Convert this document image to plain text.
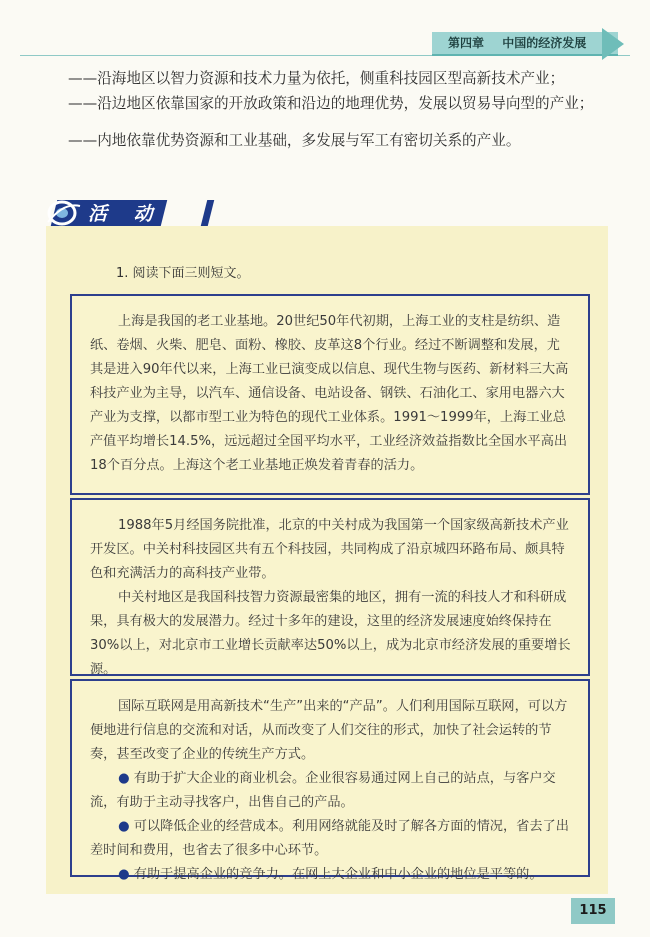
第四章 中国的经济发展

——沿海地区以智力资源和技术力量为依托，侧重科技园区型高新技术产业；

——沿边地区依靠国家的开放政策和沿边的地理优势，发展以贸易导向型的产业；

——内地依靠优势资源和工业基础，多发展与军工有密切关系的产业。

活 动
1. 阅读下面三则短文。

上海是我国的老工业基地。20世纪50年代初期，上海工业的支柱是纺织、造纸、卷烟、火柴、肥皂、面粉、橡胶、皮革这8个行业。经过不断调整和发展，尤其是进入90年代以来，上海工业已演变成以信息、现代生物与医药、新材料三大高科技产业为主导，以汽车、通信设备、电站设备、钢铁、石油化工、家用电器六大产业为支撑，以都市型工业为特色的现代工业体系。1991～1999年，上海工业总产值平均增长14.5%，远远超过全国平均水平，工业经济效益指数比全国水平高出18个百分点。上海这个老工业基地正焕发着青春的活力。

1988年5月经国务院批准，北京的中关村成为我国第一个国家级高新技术产业开发区。中关村科技园区共有五个科技园，共同构成了沿京城四环路布局、颇具特色和充满活力的高科技产业带。

中关村地区是我国科技智力资源最密集的地区，拥有一流的科技人才和科研成果，具有极大的发展潜力。经过十多年的建设，这里的经济发展速度始终保持在30%以上，对北京市工业增长贡献率达50%以上，成为北京市经济发展的重要增长源。

国际互联网是用高新技术“生产”出来的“产品”。人们利用国际互联网，可以方便地进行信息的交流和对话，从而改变了人们交往的形式，加快了社会运转的节奏，甚至改变了企业的传统生产方式。

● 有助于扩大企业的商业机会。企业很容易通过网上自己的站点，与客户交流，有助于主动寻找客户，出售自己的产品。

● 可以降低企业的经营成本。利用网络就能及时了解各方面的情况，省去了出差时间和费用，也省去了很多中心环节。

● 有助于提高企业的竞争力。在网上大企业和中小企业的地位是平等的。

115
